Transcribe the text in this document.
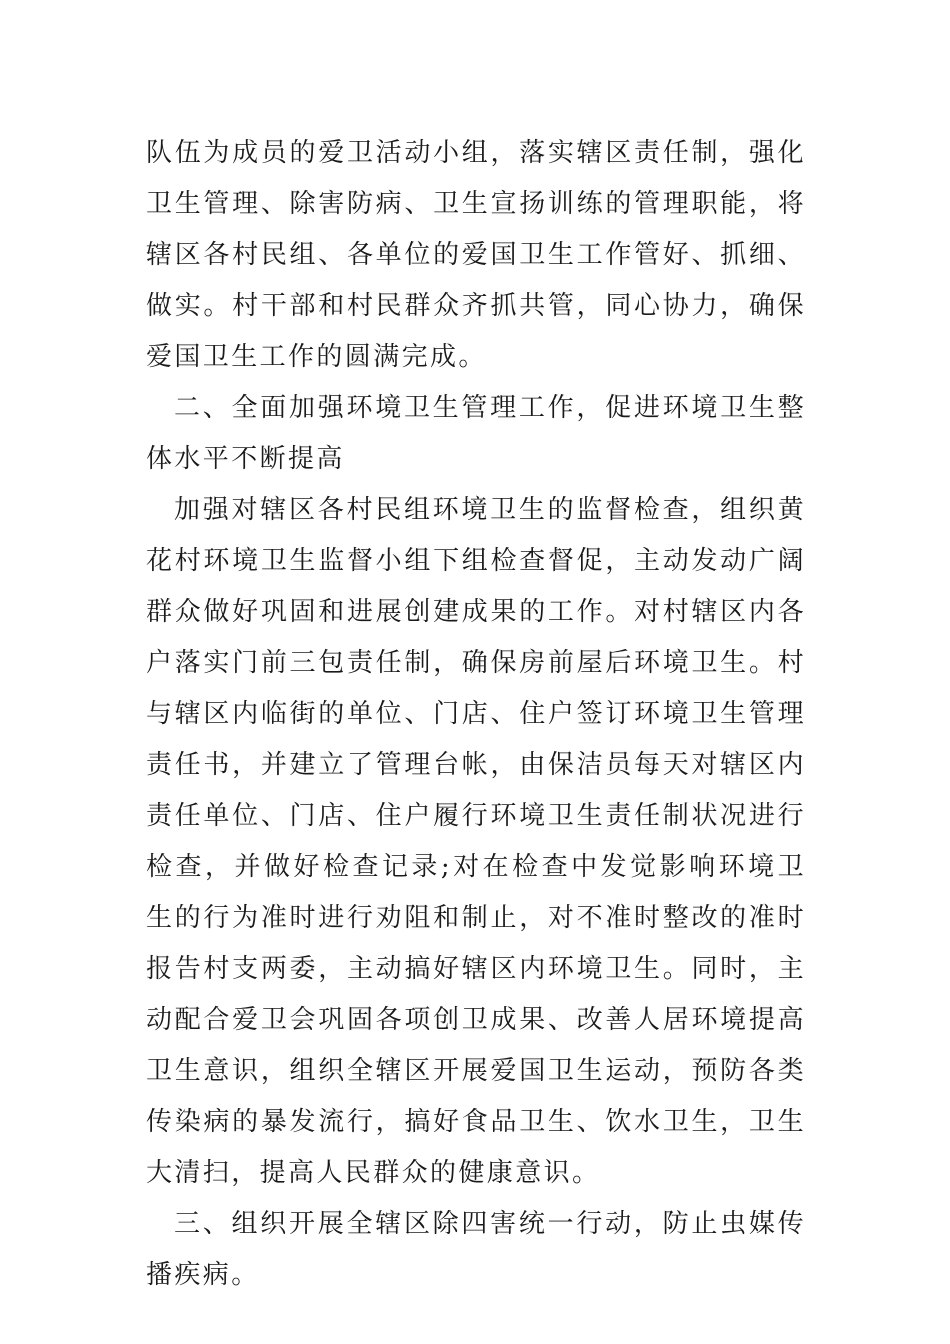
队伍为成员的爱卫活动小组，落实辖区责任制，强化卫生管理、除害防病、卫生宣扬训练的管理职能，将辖区各村民组、各单位的爱国卫生工作管好、抓细、做实。村干部和村民群众齐抓共管，同心协力，确保爱国卫生工作的圆满完成。

二、全面加强环境卫生管理工作，促进环境卫生整体水平不断提高

加强对辖区各村民组环境卫生的监督检查，组织黄花村环境卫生监督小组下组检查督促，主动发动广阔群众做好巩固和进展创建成果的工作。对村辖区内各户落实门前三包责任制，确保房前屋后环境卫生。村与辖区内临街的单位、门店、住户签订环境卫生管理责任书，并建立了管理台帐，由保洁员每天对辖区内责任单位、门店、住户履行环境卫生责任制状况进行检查，并做好检查记录;对在检查中发觉影响环境卫生的行为准时进行劝阻和制止，对不准时整改的准时报告村支两委，主动搞好辖区内环境卫生。同时，主动配合爱卫会巩固各项创卫成果、改善人居环境提高卫生意识，组织全辖区开展爱国卫生运动，预防各类传染病的暴发流行，搞好食品卫生、饮水卫生，卫生大清扫，提高人民群众的健康意识。

三、组织开展全辖区除四害统一行动，防止虫媒传播疾病。
